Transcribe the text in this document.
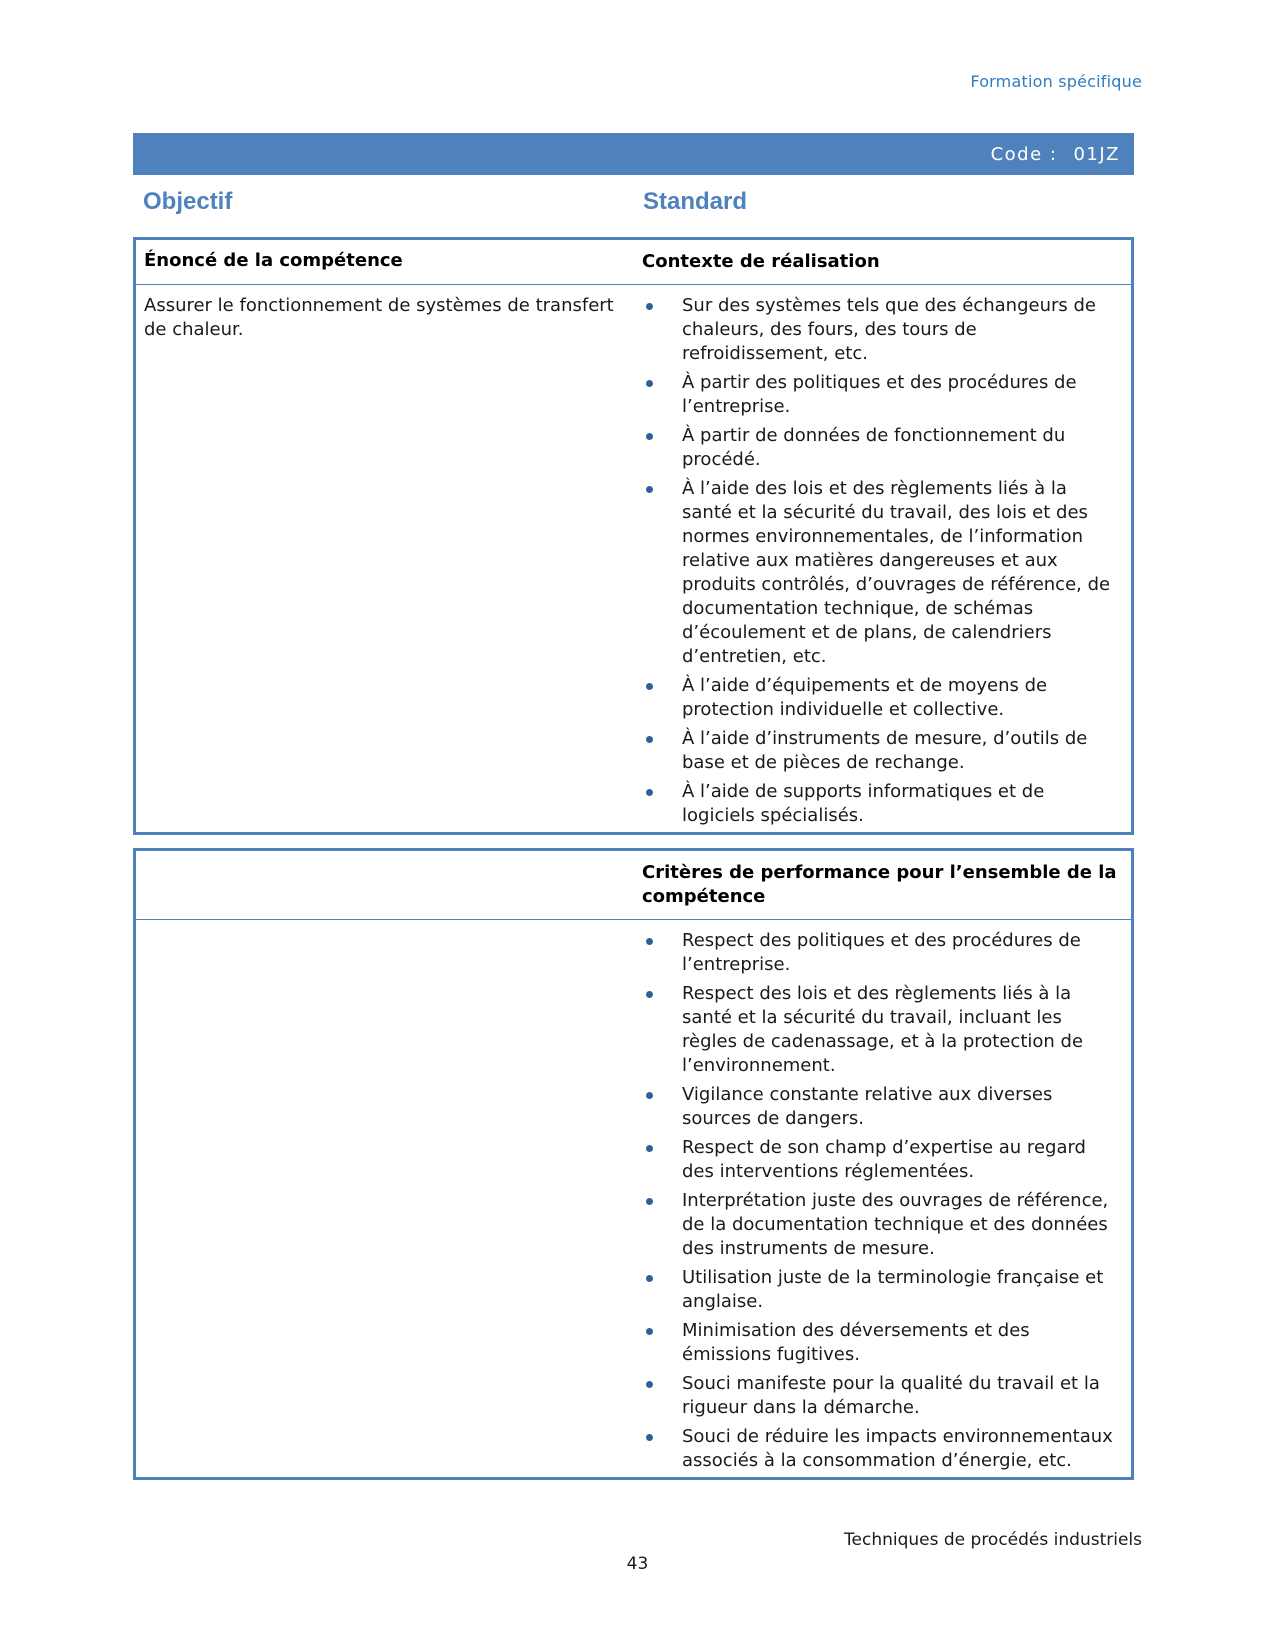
Formation spécifique
Code : 01JZ
Objectif	Standard
Énoncé de la compétence	Contexte de réalisation
Assurer le fonctionnement de systèmes de transfert de chaleur.
Sur des systèmes tels que des échangeurs de chaleurs, des fours, des tours de refroidissement, etc.
À partir des politiques et des procédures de l’entreprise.
À partir de données de fonctionnement du procédé.
À l’aide des lois et des règlements liés à la santé et la sécurité du travail, des lois et des normes environnementales, de l’information relative aux matières dangereuses et aux produits contrôlés, d’ouvrages de référence, de documentation technique, de schémas d’écoulement et de plans, de calendriers d’entretien, etc.
À l’aide d’équipements et de moyens de protection individuelle et collective.
À l’aide d’instruments de mesure, d’outils de base et de pièces de rechange.
À l’aide de supports informatiques et de logiciels spécialisés.
Critères de performance pour l’ensemble de la compétence
Respect des politiques et des procédures de l’entreprise.
Respect des lois et des règlements liés à la santé et la sécurité du travail, incluant les règles de cadenassage, et à la protection de l’environnement.
Vigilance constante relative aux diverses sources de dangers.
Respect de son champ d’expertise au regard des interventions réglementées.
Interprétation juste des ouvrages de référence, de la documentation technique et des données des instruments de mesure.
Utilisation juste de la terminologie française et anglaise.
Minimisation des déversements et des émissions fugitives.
Souci manifeste pour la qualité du travail et la rigueur dans la démarche.
Souci de réduire les impacts environnementaux associés à la consommation d’énergie, etc.
Techniques de procédés industriels
43
